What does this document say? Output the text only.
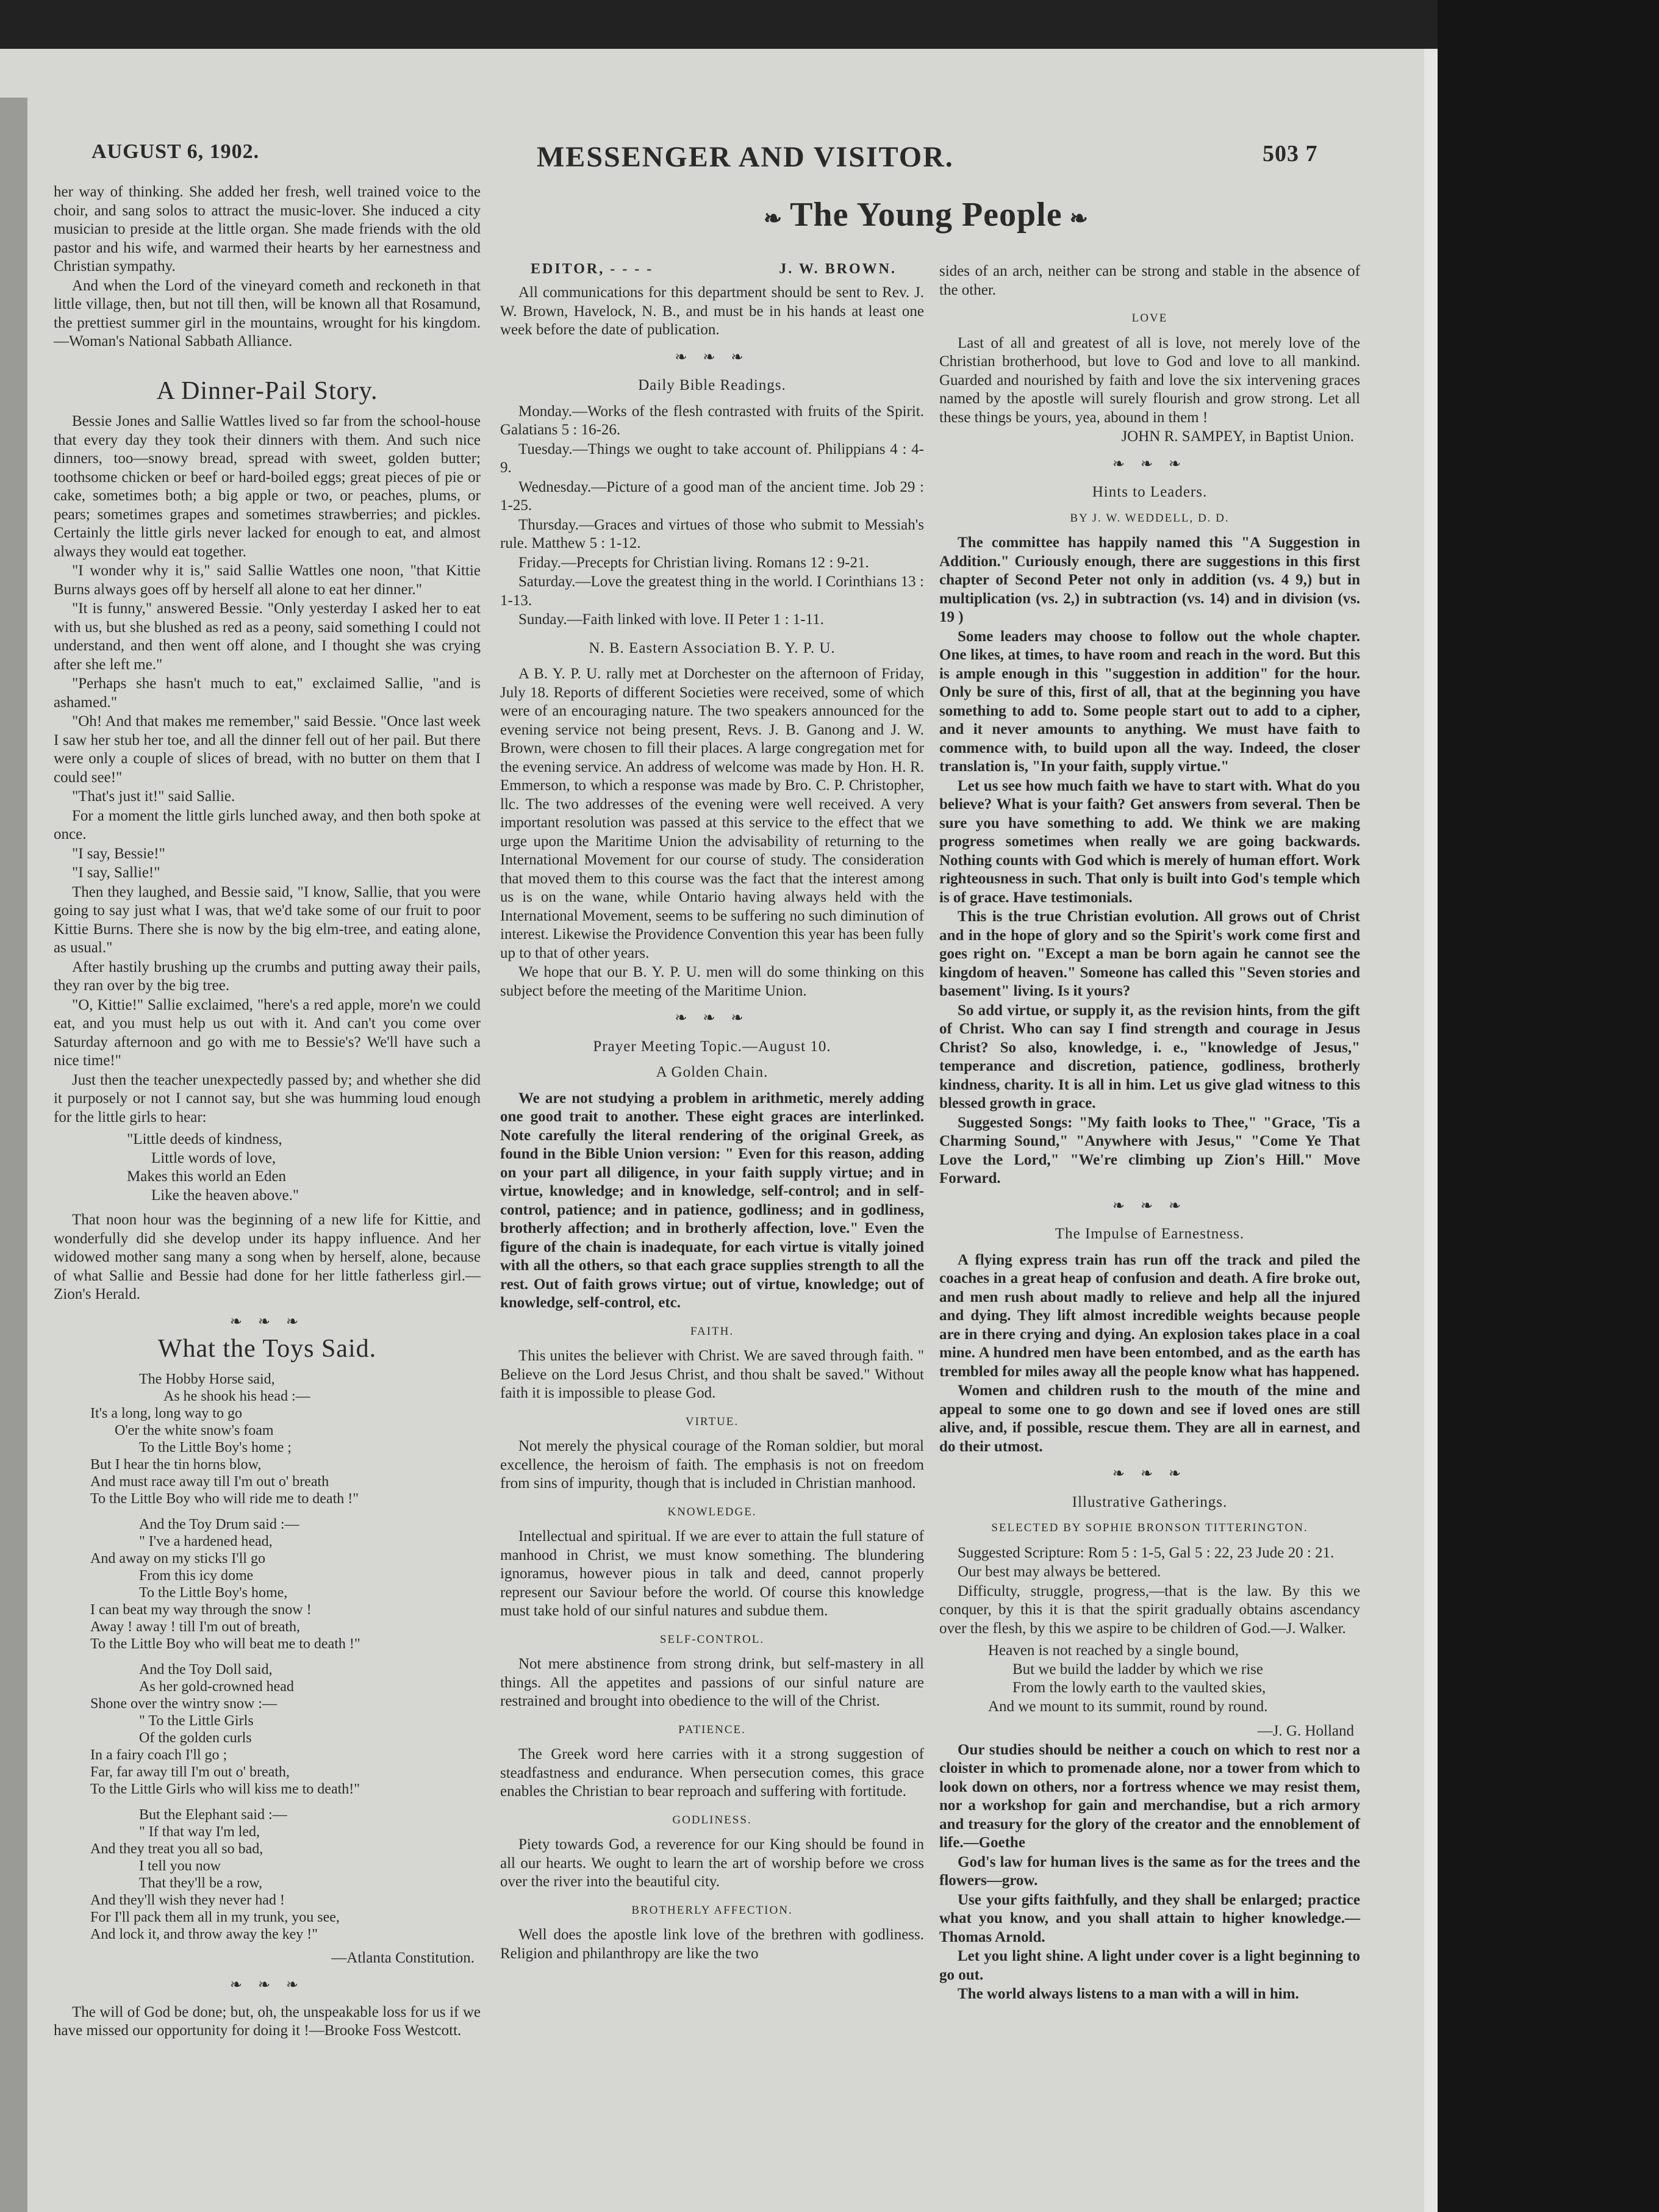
AUGUST 6, 1902.	MESSENGER AND VISITOR.	503 7

her way of thinking. She added her fresh, well trained voice to the choir, and sang solos to attract the music-lover. She induced a city musician to preside at the little organ. She made friends with the old pastor and his wife, and warmed their hearts by her earnestness and Christian sympathy.

And when the Lord of the vineyard cometh and reckoneth in that little village, then, but not till then, will be known all that Rosamund, the prettiest summer girl in the mountains, wrought for his kingdom.—Woman's National Sabbath Alliance.

A Dinner-Pail Story.

Bessie Jones and Sallie Wattles lived so far from the school-house that every day they took their dinners with them. And such nice dinners, too—snowy bread, spread with sweet, golden butter; toothsome chicken or beef or hard-boiled eggs; great pieces of pie or cake, sometimes both; a big apple or two, or peaches, plums, or pears; sometimes grapes and sometimes strawberries; and pickles. Certainly the little girls never lacked for enough to eat, and almost always they would eat together.

"I wonder why it is," said Sallie Wattles one noon, "that Kittie Burns always goes off by herself all alone to eat her dinner."

"It is funny," answered Bessie. "Only yesterday I asked her to eat with us, but she blushed as red as a peony, said something I could not understand, and then went off alone, and I thought she was crying after she left me."

"Perhaps she hasn't much to eat," exclaimed Sallie, "and is ashamed."

"Oh! And that makes me remember," said Bessie. "Once last week I saw her stub her toe, and all the dinner fell out of her pail. But there were only a couple of slices of bread, with no butter on them that I could see!"

"That's just it!" said Sallie.

For a moment the little girls lunched away, and then both spoke at once.

"I say, Bessie!"

"I say, Sallie!"

Then they laughed, and Bessie said, "I know, Sallie, that you were going to say just what I was, that we'd take some of our fruit to poor Kittie Burns. There she is now by the big elm-tree, and eating alone, as usual."

After hastily brushing up the crumbs and putting away their pails, they ran over by the big tree.

"O, Kittie!" Sallie exclaimed, "here's a red apple, more'n we could eat, and you must help us out with it. And can't you come over Saturday afternoon and go with me to Bessie's? We'll have such a nice time!"

Just then the teacher unexpectedly passed by; and whether she did it purposely or not I cannot say, but she was humming loud enough for the little girls to hear:

"Little deeds of kindness,
Little words of love,
Makes this world an Eden
Like the heaven above."

That noon hour was the beginning of a new life for Kittie, and wonderfully did she develop under its happy influence. And her widowed mother sang many a song when by herself, alone, because of what Sallie and Bessie had done for her little fatherless girl.—Zion's Herald.

❧ ❧ ❧
What the Toys Said.
The Hobby Horse said,
As he shook his head :—
It's a long, long way to go
O'er the white snow's foam
To the Little Boy's home ;
But I hear the tin horns blow,
And must race away till I'm out o' breath
To the Little Boy who will ride me to death !"
And the Toy Drum said :—
" I've a hardened head,
And away on my sticks I'll go
From this icy dome
To the Little Boy's home,
I can beat my way through the snow !
Away ! away ! till I'm out of breath,
To the Little Boy who will beat me to death !"
And the Toy Doll said,
As her gold-crowned head
Shone over the wintry snow :—
" To the Little Girls
Of the golden curls
In a fairy coach I'll go ;
Far, far away till I'm out o' breath,
To the Little Girls who will kiss me to death!"
But the Elephant said :—
" If that way I'm led,
And they treat you all so bad,
I tell you now
That they'll be a row,
And they'll wish they never had !
For I'll pack them all in my trunk, you see,
And lock it, and throw away the key !"
—Atlanta Constitution.
❧ ❧ ❧

The will of God be done; but, oh, the unspeakable loss for us if we have missed our opportunity for doing it !—Brooke Foss Westcott.

❧ The Young People ❧
EDITOR, - - - -	J. W. BROWN.

All communications for this department should be sent to Rev. J. W. Brown, Havelock, N. B., and must be in his hands at least one week before the date of publication.

❧ ❧ ❧
Daily Bible Readings.

Monday.—Works of the flesh contrasted with fruits of the Spirit. Galatians 5 : 16-26.

Tuesday.—Things we ought to take account of. Philippians 4 : 4-9.

Wednesday.—Picture of a good man of the ancient time. Job 29 : 1-25.

Thursday.—Graces and virtues of those who submit to Messiah's rule. Matthew 5 : 1-12.

Friday.—Precepts for Christian living. Romans 12 : 9-21.

Saturday.—Love the greatest thing in the world. I Corinthians 13 : 1-13.

Sunday.—Faith linked with love. II Peter 1 : 1-11.

N. B. Eastern Association B. Y. P. U.

A B. Y. P. U. rally met at Dorchester on the afternoon of Friday, July 18. Reports of different Societies were received, some of which were of an encouraging nature. The two speakers announced for the evening service not being present, Revs. J. B. Ganong and J. W. Brown, were chosen to fill their places. A large congregation met for the evening service. An address of welcome was made by Hon. H. R. Emmerson, to which a response was made by Bro. C. P. Christopher, llc. The two addresses of the evening were well received. A very important resolution was passed at this service to the effect that we urge upon the Maritime Union the advisability of returning to the International Movement for our course of study. The consideration that moved them to this course was the fact that the interest among us is on the wane, while Ontario having always held with the International Movement, seems to be suffering no such diminution of interest. Likewise the Providence Convention this year has been fully up to that of other years.

We hope that our B. Y. P. U. men will do some thinking on this subject before the meeting of the Maritime Union.

❧ ❧ ❧
Prayer Meeting Topic.—August 10.
A Golden Chain.

We are not studying a problem in arithmetic, merely adding one good trait to another. These eight graces are interlinked. Note carefully the literal rendering of the original Greek, as found in the Bible Union version: " Even for this reason, adding on your part all diligence, in your faith supply virtue; and in virtue, knowledge; and in knowledge, self-control; and in self-control, patience; and in patience, godliness; and in godliness, brotherly affection; and in brotherly affection, love." Even the figure of the chain is inadequate, for each virtue is vitally joined with all the others, so that each grace supplies strength to all the rest. Out of faith grows virtue; out of virtue, knowledge; out of knowledge, self-control, etc.

FAITH.

This unites the believer with Christ. We are saved through faith. " Believe on the Lord Jesus Christ, and thou shalt be saved." Without faith it is impossible to please God.

VIRTUE.

Not merely the physical courage of the Roman soldier, but moral excellence, the heroism of faith. The emphasis is not on freedom from sins of impurity, though that is included in Christian manhood.

KNOWLEDGE.

Intellectual and spiritual. If we are ever to attain the full stature of manhood in Christ, we must know something. The blundering ignoramus, however pious in talk and deed, cannot properly represent our Saviour before the world. Of course this knowledge must take hold of our sinful natures and subdue them.

SELF-CONTROL.

Not mere abstinence from strong drink, but self-mastery in all things. All the appetites and passions of our sinful nature are restrained and brought into obedience to the will of the Christ.

PATIENCE.

The Greek word here carries with it a strong suggestion of steadfastness and endurance. When persecution comes, this grace enables the Christian to bear reproach and suffering with fortitude.

GODLINESS.

Piety towards God, a reverence for our King should be found in all our hearts. We ought to learn the art of worship before we cross over the river into the beautiful city.

BROTHERLY AFFECTION.

Well does the apostle link love of the brethren with godliness. Religion and philanthropy are like the two

sides of an arch, neither can be strong and stable in the absence of the other.

LOVE

Last of all and greatest of all is love, not merely love of the Christian brotherhood, but love to God and love to all mankind. Guarded and nourished by faith and love the six intervening graces named by the apostle will surely flourish and grow strong. Let all these things be yours, yea, abound in them !

JOHN R. SAMPEY, in Baptist Union.
❧ ❧ ❧
Hints to Leaders.
BY J. W. WEDDELL, D. D.

The committee has happily named this "A Suggestion in Addition." Curiously enough, there are suggestions in this first chapter of Second Peter not only in addition (vs. 4 9,) but in multiplication (vs. 2,) in subtraction (vs. 14) and in division (vs. 19 )

Some leaders may choose to follow out the whole chapter. One likes, at times, to have room and reach in the word. But this is ample enough in this "suggestion in addition" for the hour. Only be sure of this, first of all, that at the beginning you have something to add to. Some people start out to add to a cipher, and it never amounts to anything. We must have faith to commence with, to build upon all the way. Indeed, the closer translation is, "In your faith, supply virtue."

Let us see how much faith we have to start with. What do you believe? What is your faith? Get answers from several. Then be sure you have something to add. We think we are making progress sometimes when really we are going backwards. Nothing counts with God which is merely of human effort. Work righteousness in such. That only is built into God's temple which is of grace. Have testimonials.

This is the true Christian evolution. All grows out of Christ and in the hope of glory and so the Spirit's work come first and goes right on. "Except a man be born again he cannot see the kingdom of heaven." Someone has called this "Seven stories and basement" living. Is it yours?

So add virtue, or supply it, as the revision hints, from the gift of Christ. Who can say I find strength and courage in Jesus Christ? So also, knowledge, i. e., "knowledge of Jesus," temperance and discretion, patience, godliness, brotherly kindness, charity. It is all in him. Let us give glad witness to this blessed growth in grace.

Suggested Songs: "My faith looks to Thee," "Grace, 'Tis a Charming Sound," "Anywhere with Jesus," "Come Ye That Love the Lord," "We're climbing up Zion's Hill." Move Forward.

❧ ❧ ❧
The Impulse of Earnestness.

A flying express train has run off the track and piled the coaches in a great heap of confusion and death. A fire broke out, and men rush about madly to relieve and help all the injured and dying. They lift almost incredible weights because people are in there crying and dying. An explosion takes place in a coal mine. A hundred men have been entombed, and as the earth has trembled for miles away all the people know what has happened.

Women and children rush to the mouth of the mine and appeal to some one to go down and see if loved ones are still alive, and, if possible, rescue them. They are all in earnest, and do their utmost.

❧ ❧ ❧
Illustrative Gatherings.
SELECTED BY SOPHIE BRONSON TITTERINGTON.

Suggested Scripture: Rom 5 : 1-5, Gal 5 : 22, 23 Jude 20 : 21.

Our best may always be bettered.

Difficulty, struggle, progress,—that is the law. By this we conquer, by this it is that the spirit gradually obtains ascendancy over the flesh, by this we aspire to be children of God.—J. Walker.

Heaven is not reached by a single bound,
But we build the ladder by which we rise
From the lowly earth to the vaulted skies,
And we mount to its summit, round by round.
—J. G. Holland

Our studies should be neither a couch on which to rest nor a cloister in which to promenade alone, nor a tower from which to look down on others, nor a fortress whence we may resist them, nor a workshop for gain and merchandise, but a rich armory and treasury for the glory of the creator and the ennoblement of life.—Goethe

God's law for human lives is the same as for the trees and the flowers—grow.

Use your gifts faithfully, and they shall be enlarged; practice what you know, and you shall attain to higher knowledge.—Thomas Arnold.

Let you light shine. A light under cover is a light beginning to go out.

The world always listens to a man with a will in him.
